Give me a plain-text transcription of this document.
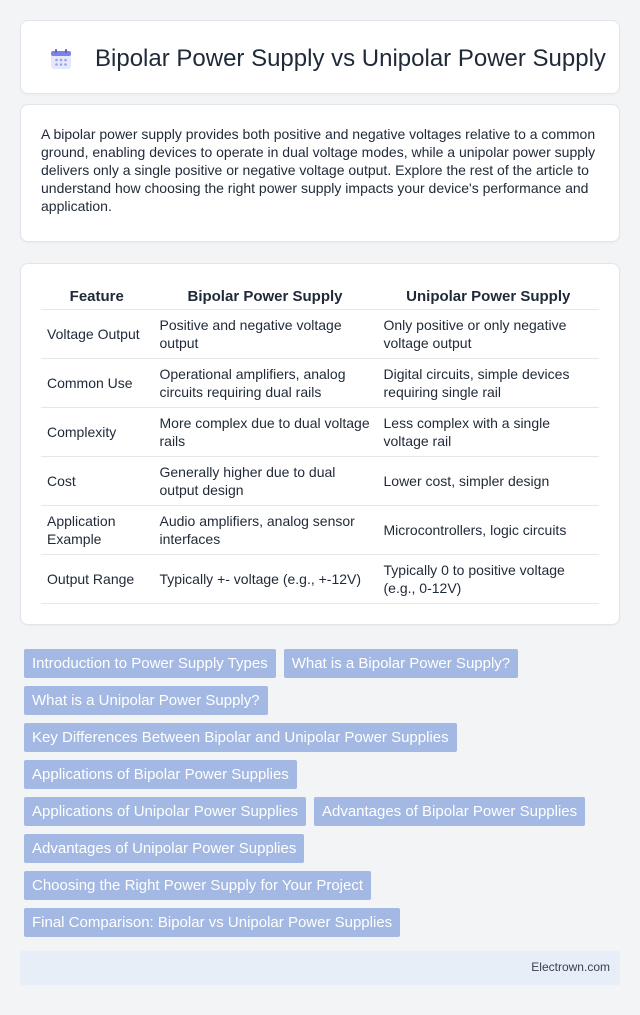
Bipolar Power Supply vs Unipolar Power Supply

A bipolar power supply provides both positive and negative voltages relative to a common ground, enabling devices to operate in dual voltage modes, while a unipolar power supply delivers only a single positive or negative voltage output. Explore the rest of the article to understand how choosing the right power supply impacts your device's performance and application.

Feature	Bipolar Power Supply	Unipolar Power Supply
Voltage Output	Positive and negative voltage output	Only positive or only negative voltage output
Common Use	Operational amplifiers, analog circuits requiring dual rails	Digital circuits, simple devices requiring single rail
Complexity	More complex due to dual voltage rails	Less complex with a single voltage rail
Cost	Generally higher due to dual output design	Lower cost, simpler design
Application Example	Audio amplifiers, analog sensor interfaces	Microcontrollers, logic circuits
Output Range	Typically +- voltage (e.g., +-12V)	Typically 0 to positive voltage (e.g., 0-12V)
Introduction to Power Supply Types	What is a Bipolar Power Supply?
What is a Unipolar Power Supply?
Key Differences Between Bipolar and Unipolar Power Supplies
Applications of Bipolar Power Supplies
Applications of Unipolar Power Supplies	Advantages of Bipolar Power Supplies
Advantages of Unipolar Power Supplies
Choosing the Right Power Supply for Your Project
Final Comparison: Bipolar vs Unipolar Power Supplies
Electrown.com
